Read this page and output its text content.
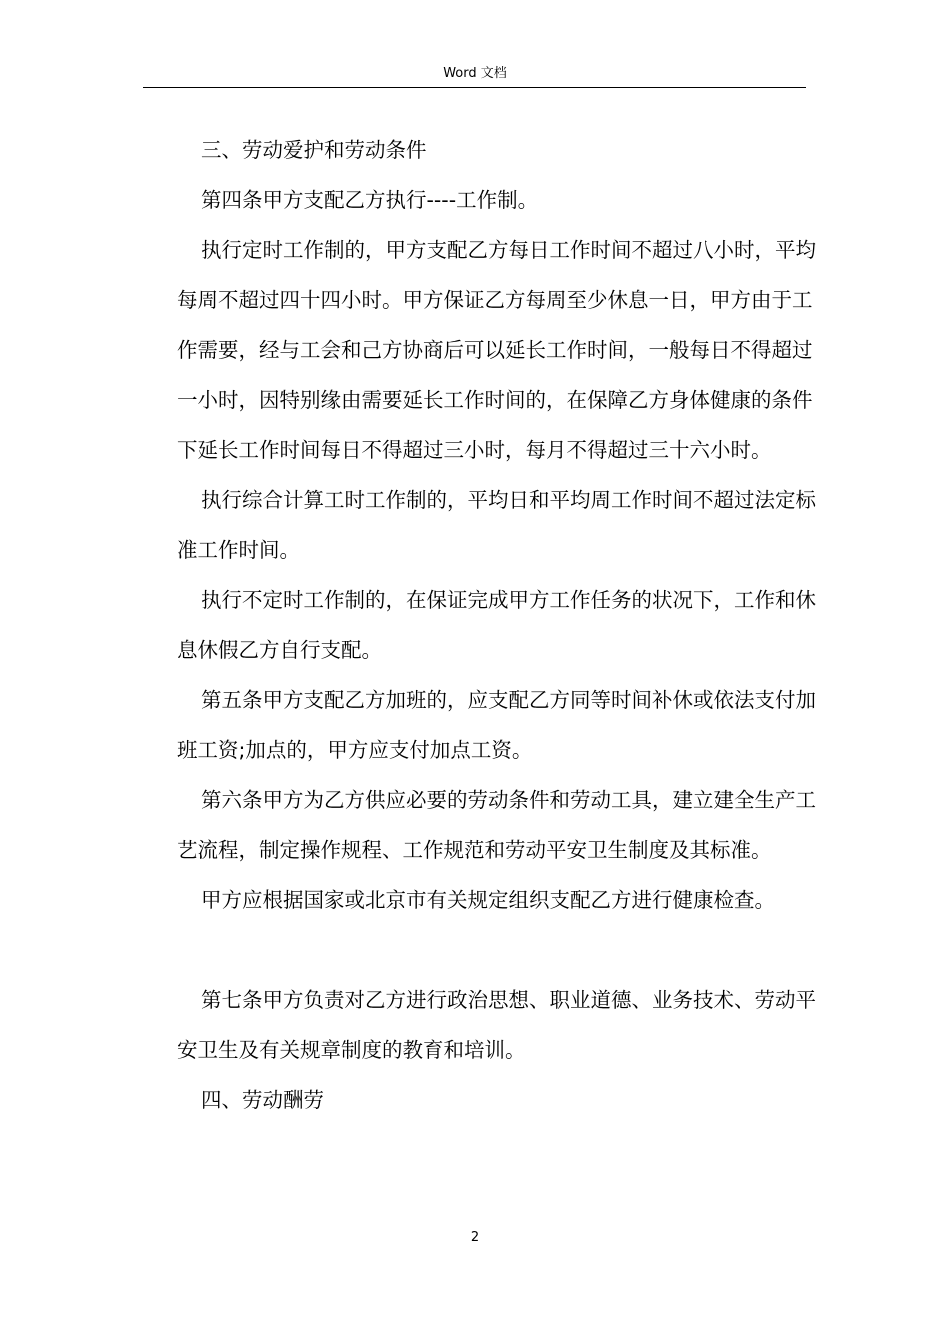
Word 文档

三、劳动爱护和劳动条件

第四条甲方支配乙方执行----工作制。

执行定时工作制的，甲方支配乙方每日工作时间不超过八小时，平均每周不超过四十四小时。甲方保证乙方每周至少休息一日，甲方由于工作需要，经与工会和己方协商后可以延长工作时间，一般每日不得超过一小时，因特别缘由需要延长工作时间的，在保障乙方身体健康的条件下延长工作时间每日不得超过三小时，每月不得超过三十六小时。

执行综合计算工时工作制的，平均日和平均周工作时间不超过法定标准工作时间。

执行不定时工作制的，在保证完成甲方工作任务的状况下，工作和休息休假乙方自行支配。

第五条甲方支配乙方加班的，应支配乙方同等时间补休或依法支付加班工资;加点的，甲方应支付加点工资。

第六条甲方为乙方供应必要的劳动条件和劳动工具，建立建全生产工艺流程，制定操作规程、工作规范和劳动平安卫生制度及其标准。

甲方应根据国家或北京市有关规定组织支配乙方进行健康检查。

第七条甲方负责对乙方进行政治思想、职业道德、业务技术、劳动平安卫生及有关规章制度的教育和培训。

四、劳动酬劳

2
